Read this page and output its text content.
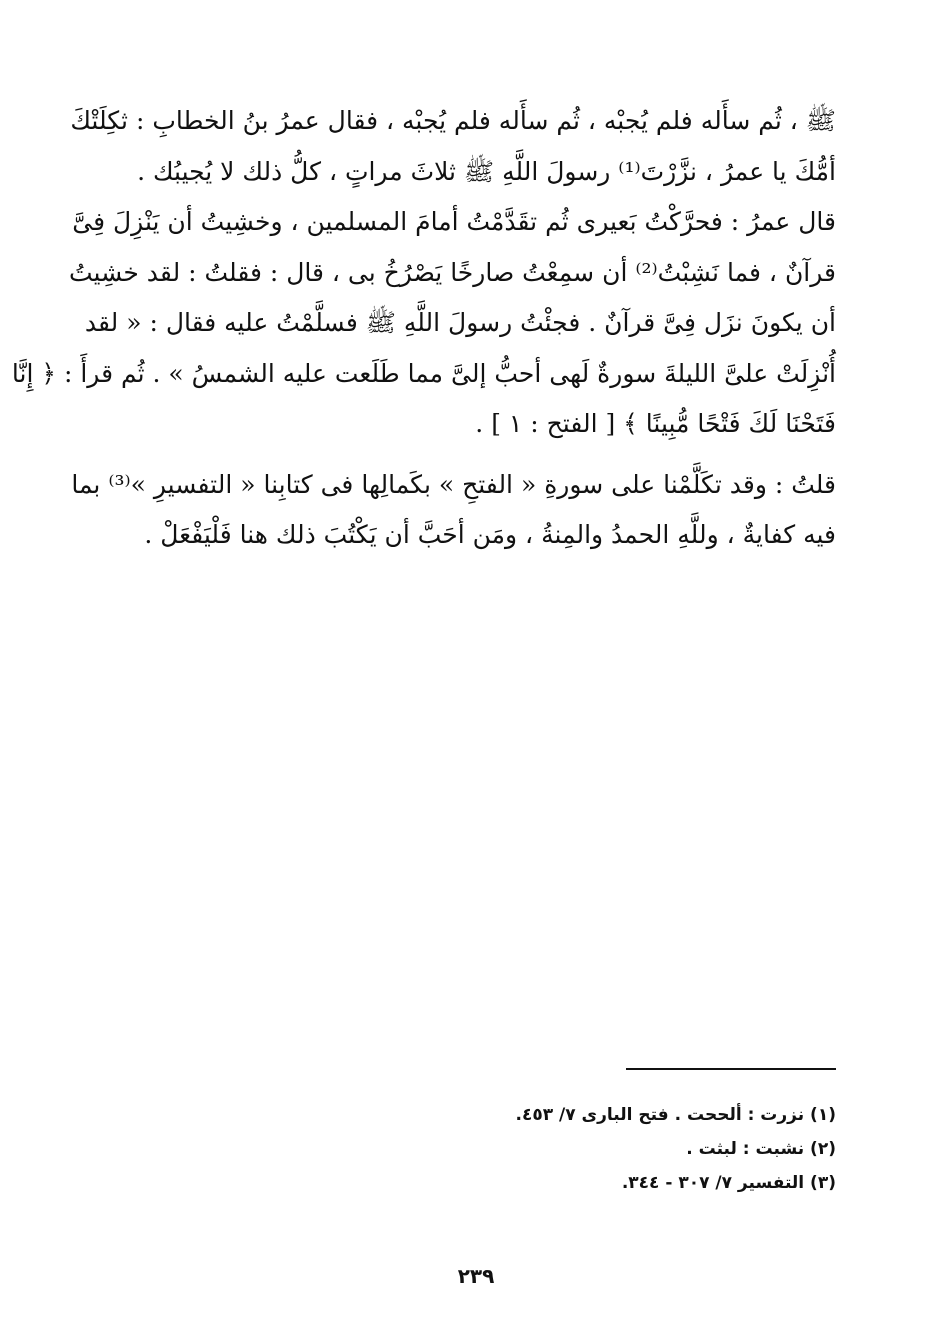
ﷺ ، ثُم سأَله فلم يُجبْه ، ثُم سأَله فلم يُجبْه ، فقال عمرُ بنُ الخطابِ : ثكِلَتْكَ
أمُّكَ يا عمرُ ، نزَّرْتَ⁽¹⁾ رسولَ اللَّهِ ﷺ ثلاثَ مراتٍ ، كلُّ ذلك لا يُجيبُك .
قال عمرُ : فحرَّكْتُ بَعيرى ثُم تقَدَّمْتُ أمامَ المسلمين ، وخشِيتُ أن يَنْزِلَ فِىَّ
قرآنٌ ، فما نَشِبْتُ⁽²⁾ أن سمِعْتُ صارخًا يَصْرُخُ بى ، قال : فقلتُ : لقد خشِيتُ
أن يكونَ نزَل فِىَّ قرآنٌ . فجئْتُ رسولَ اللَّهِ ﷺ فسلَّمْتُ عليه فقال : « لقد
أُنْزِلَتْ علىَّ الليلةَ سورةٌ لَهى أحبُّ إلىَّ مما طَلَعت عليه الشمسُ » . ثُم قرأَ : ﴿ إِنَّا
فَتَحْنَا لَكَ فَتْحًا مُّبِينًا ﴾ [ الفتح : ١ ] .

قلتُ : وقد تكَلَّمْنا على سورةِ « الفتحِ » بكَمالِها فى كتابِنا « التفسيرِ »⁽³⁾ بما
فيه كفايةٌ ، وللَّهِ الحمدُ والمِنةُ ، ومَن أحَبَّ أن يَكْتُبَ ذلك هنا فَلْيَفْعَلْ .

(١) نزرت : ألححت . فتح البارى ٧/ ٤٥٣.
(٢) نشبت : لبثت .
(٣) التفسير ٧/ ٣٠٧ - ٣٤٤.
٢٣٩
